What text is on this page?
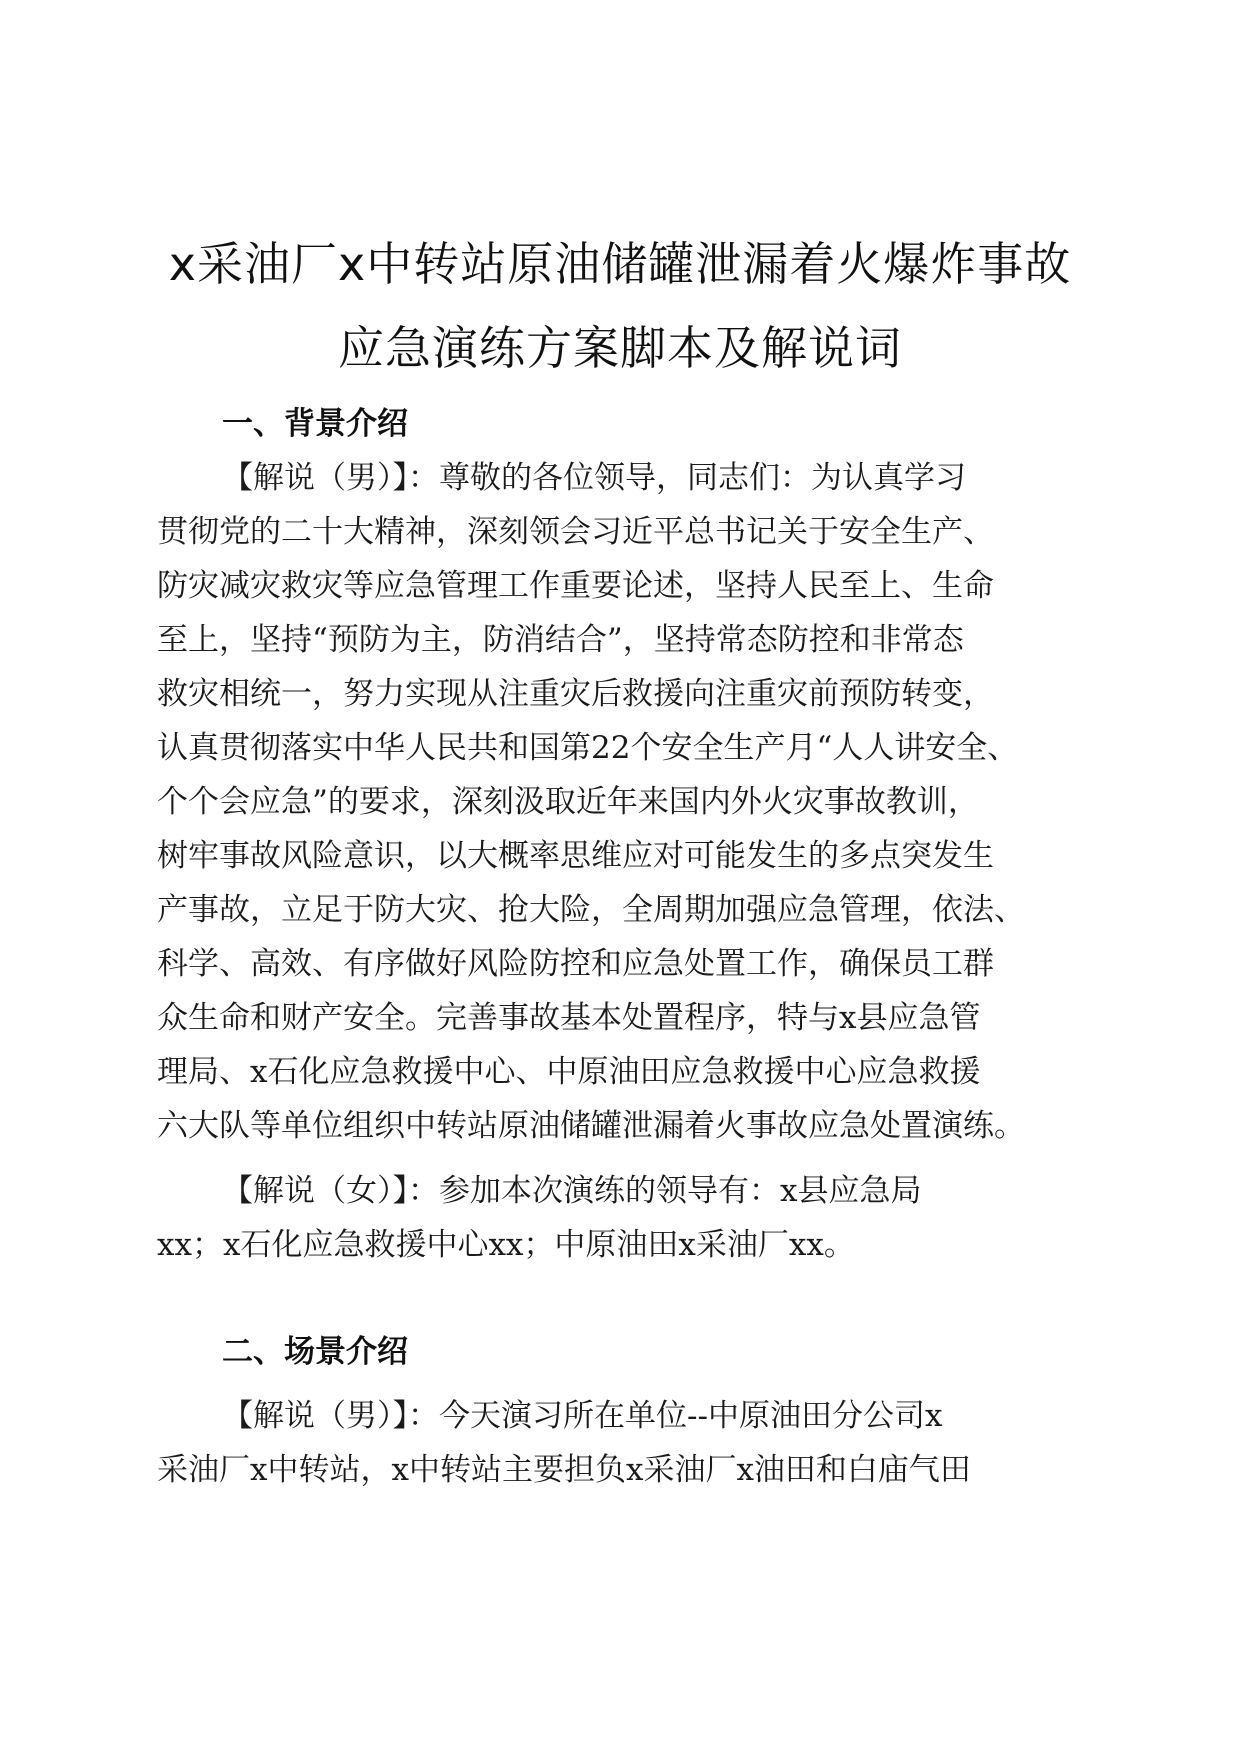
x采油厂x中转站原油储罐泄漏着火爆炸事故
应急演练方案脚本及解说词
一、背景介绍
【解说（男）】：尊敬的各位领导，同志们：为认真学习
贯彻党的二十大精神，深刻领会习近平总书记关于安全生产、
防灾减灾救灾等应急管理工作重要论述，坚持人民至上、生命
至上，坚持“预防为主，防消结合”，坚持常态防控和非常态
救灾相统一，努力实现从注重灾后救援向注重灾前预防转变，
认真贯彻落实中华人民共和国第22个安全生产月“人人讲安全、
个个会应急”的要求，深刻汲取近年来国内外火灾事故教训，
树牢事故风险意识，以大概率思维应对可能发生的多点突发生
产事故，立足于防大灾、抢大险，全周期加强应急管理，依法、
科学、高效、有序做好风险防控和应急处置工作，确保员工群
众生命和财产安全。完善事故基本处置程序，特与x县应急管
理局、x石化应急救援中心、中原油田应急救援中心应急救援
六大队等单位组织中转站原油储罐泄漏着火事故应急处置演练。
【解说（女）】：参加本次演练的领导有：x县应急局
xx；x石化应急救援中心xx；中原油田x采油厂xx。
二、场景介绍
【解说（男）】：今天演习所在单位--中原油田分公司x
采油厂x中转站，x中转站主要担负x采油厂x油田和白庙气田
